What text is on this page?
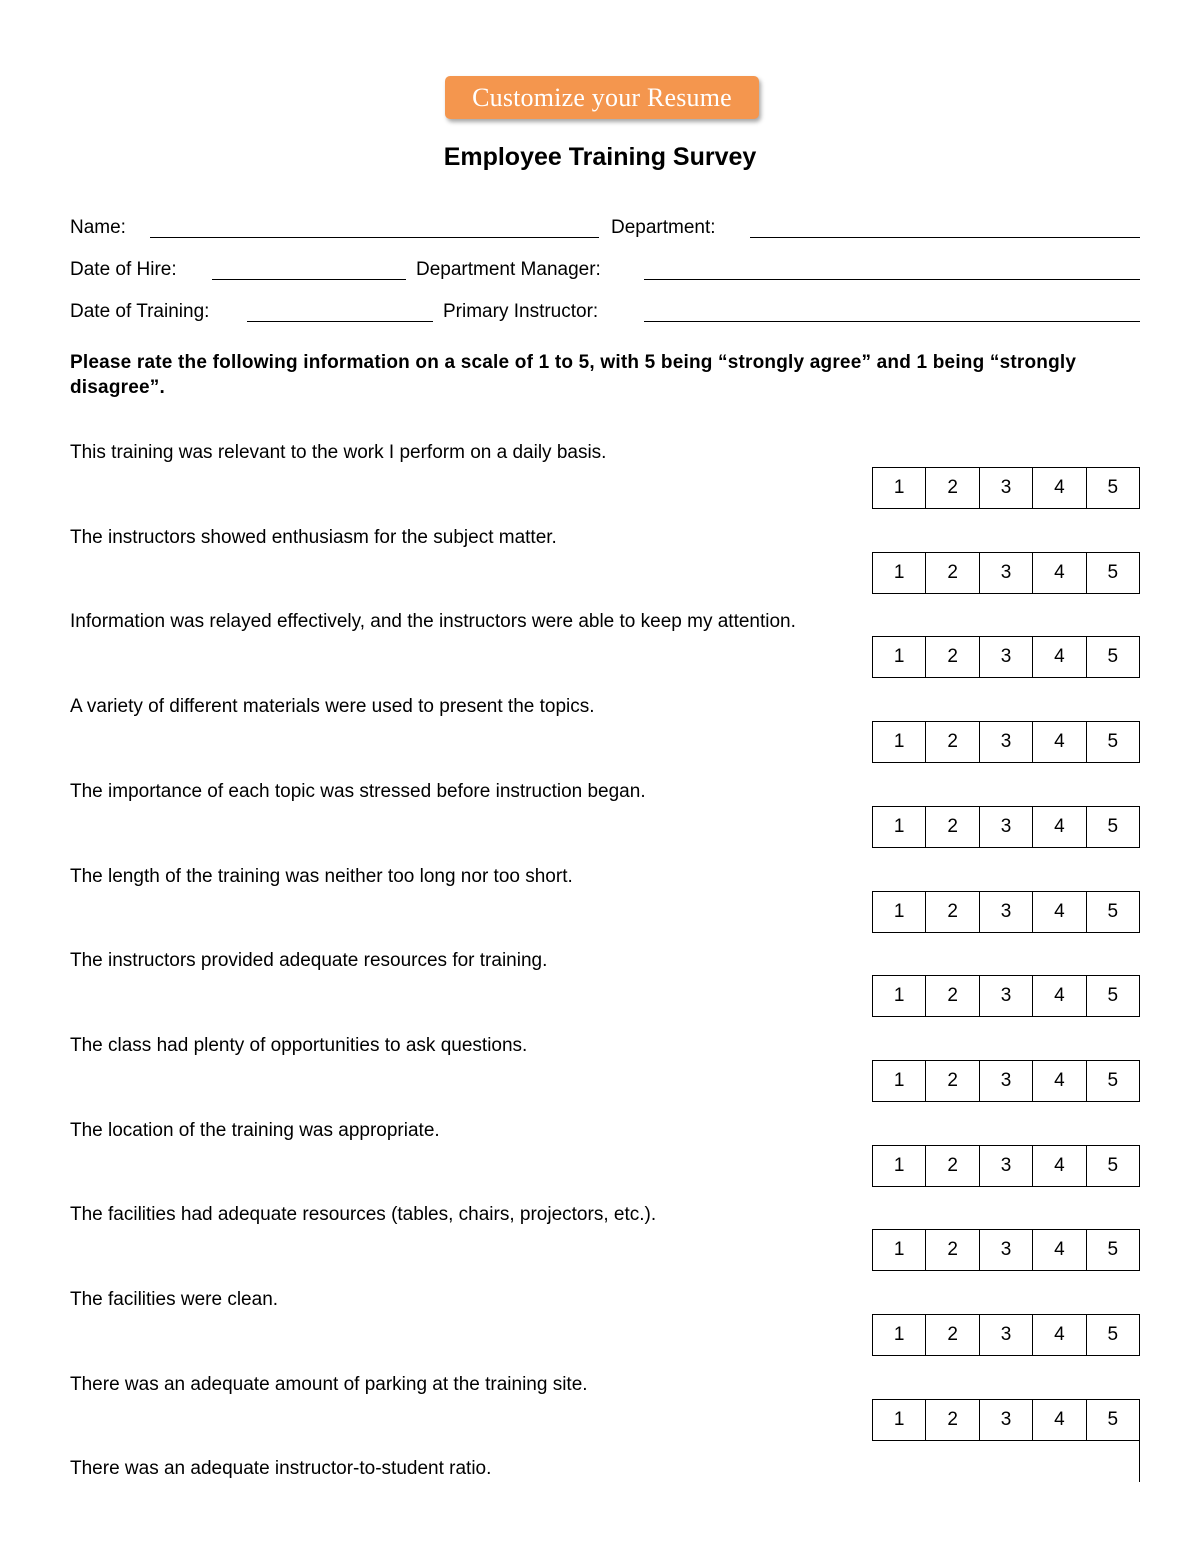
Customize your Resume
Employee Training Survey
Name:	Department:
Date of Hire:	Department Manager:
Date of Training:	Primary Instructor:
Please rate the following information on a scale of 1 to 5, with 5 being “strongly agree” and 1 being “strongly disagree”.
This training was relevant to the work I perform on a daily basis.
1	2	3	4	5
The instructors showed enthusiasm for the subject matter.
1	2	3	4	5
Information was relayed effectively, and the instructors were able to keep my attention.
1	2	3	4	5
A variety of different materials were used to present the topics.
1	2	3	4	5
The importance of each topic was stressed before instruction began.
1	2	3	4	5
The length of the training was neither too long nor too short.
1	2	3	4	5
The instructors provided adequate resources for training.
1	2	3	4	5
The class had plenty of opportunities to ask questions.
1	2	3	4	5
The location of the training was appropriate.
1	2	3	4	5
The facilities had adequate resources (tables, chairs, projectors, etc.).
1	2	3	4	5
The facilities were clean.
1	2	3	4	5
There was an adequate amount of parking at the training site.
1	2	3	4	5
There was an adequate instructor-to-student ratio.
